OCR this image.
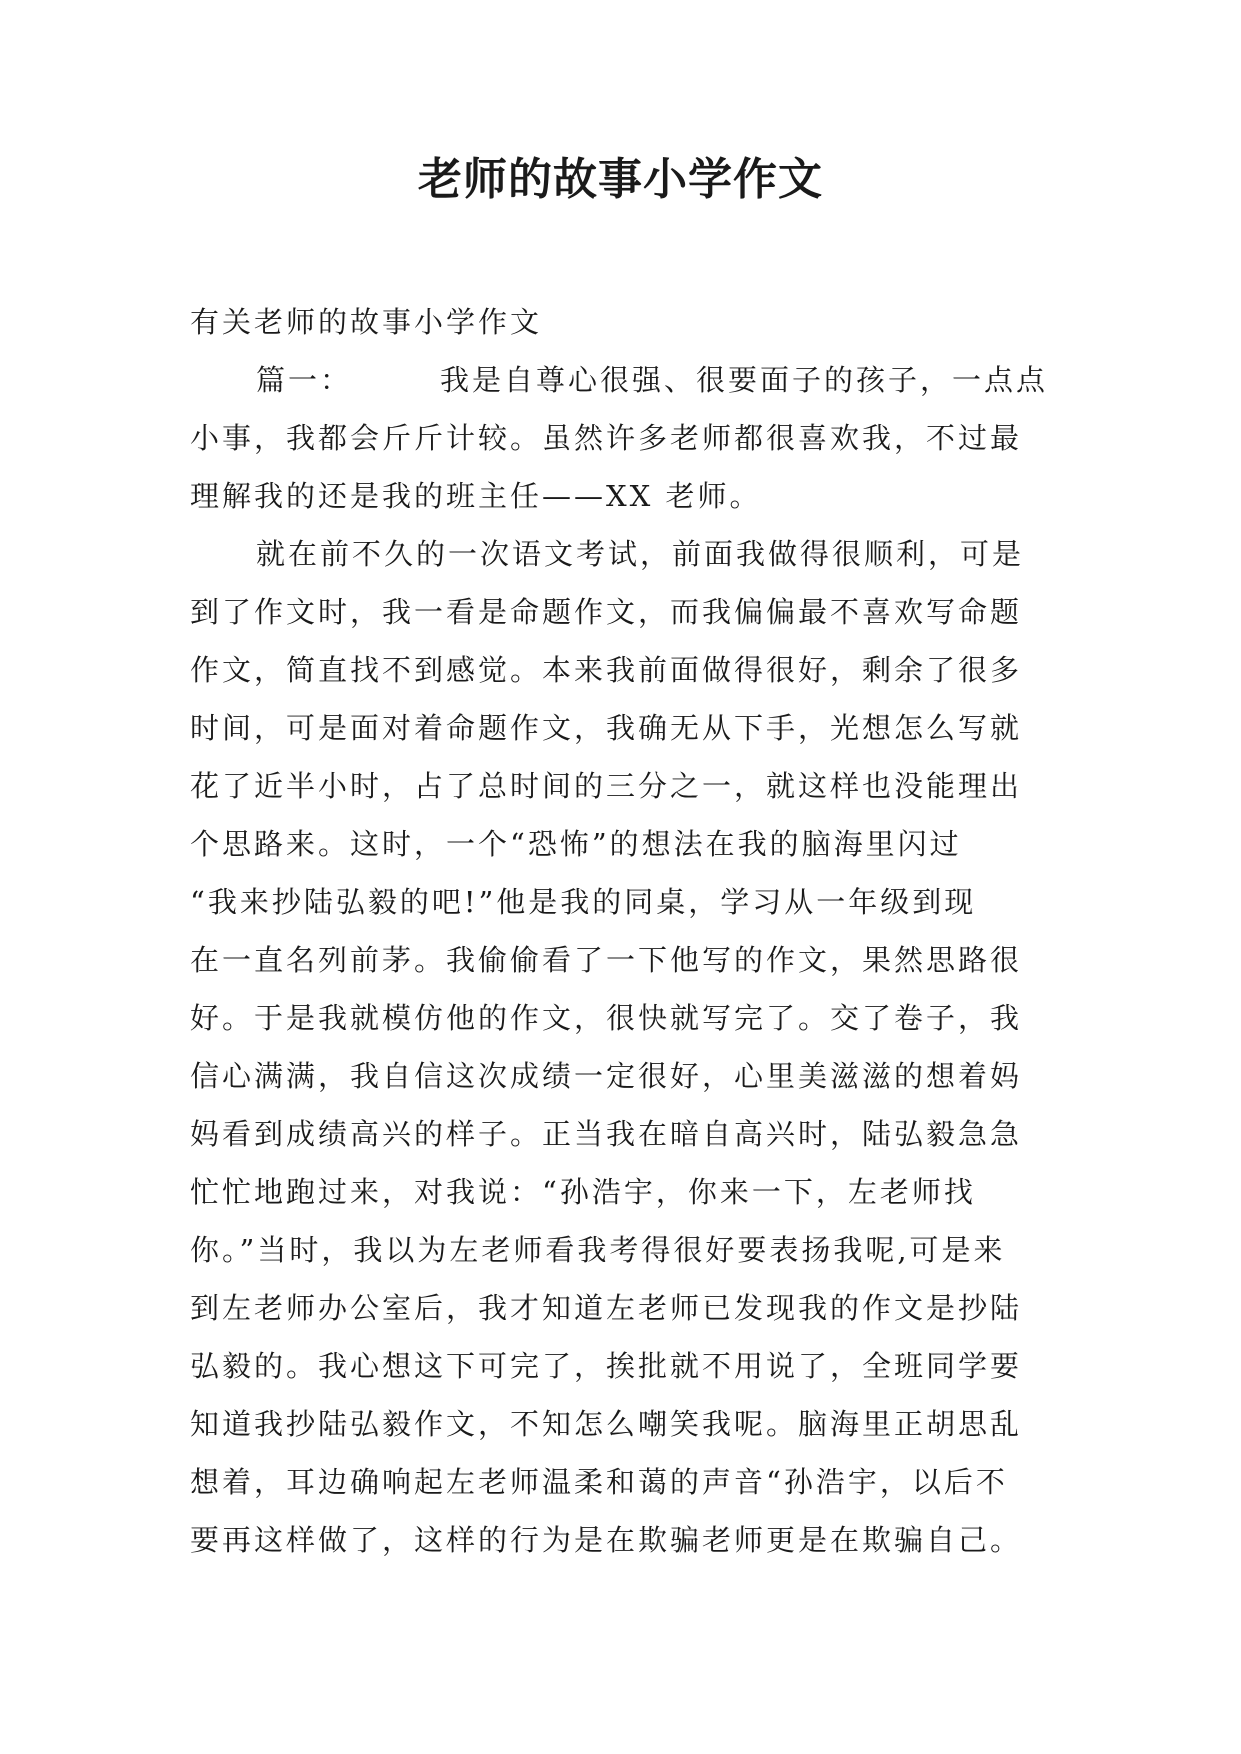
老师的故事小学作文
有关老师的故事小学作文
篇一：	我是自尊心很强、很要面子的孩子，一点点
小事，我都会斤斤计较。虽然许多老师都很喜欢我，不过最
理解我的还是我的班主任——XX 老师。
就在前不久的一次语文考试，前面我做得很顺利，可是
到了作文时，我一看是命题作文，而我偏偏最不喜欢写命题
作文，简直找不到感觉。本来我前面做得很好，剩余了很多
时间，可是面对着命题作文，我确无从下手，光想怎么写就
花了近半小时，占了总时间的三分之一，就这样也没能理出
个思路来。这时，一个“恐怖”的想法在我的脑海里闪过
“我来抄陆弘毅的吧!”他是我的同桌，学习从一年级到现
在一直名列前茅。我偷偷看了一下他写的作文，果然思路很
好。于是我就模仿他的作文，很快就写完了。交了卷子，我
信心满满，我自信这次成绩一定很好，心里美滋滋的想着妈
妈看到成绩高兴的样子。正当我在暗自高兴时，陆弘毅急急
忙忙地跑过来，对我说：“孙浩宇，你来一下，左老师找
你。”当时，我以为左老师看我考得很好要表扬我呢,可是来
到左老师办公室后，我才知道左老师已发现我的作文是抄陆
弘毅的。我心想这下可完了，挨批就不用说了，全班同学要
知道我抄陆弘毅作文，不知怎么嘲笑我呢。脑海里正胡思乱
想着，耳边确响起左老师温柔和蔼的声音“孙浩宇，以后不
要再这样做了，这样的行为是在欺骗老师更是在欺骗自己。
